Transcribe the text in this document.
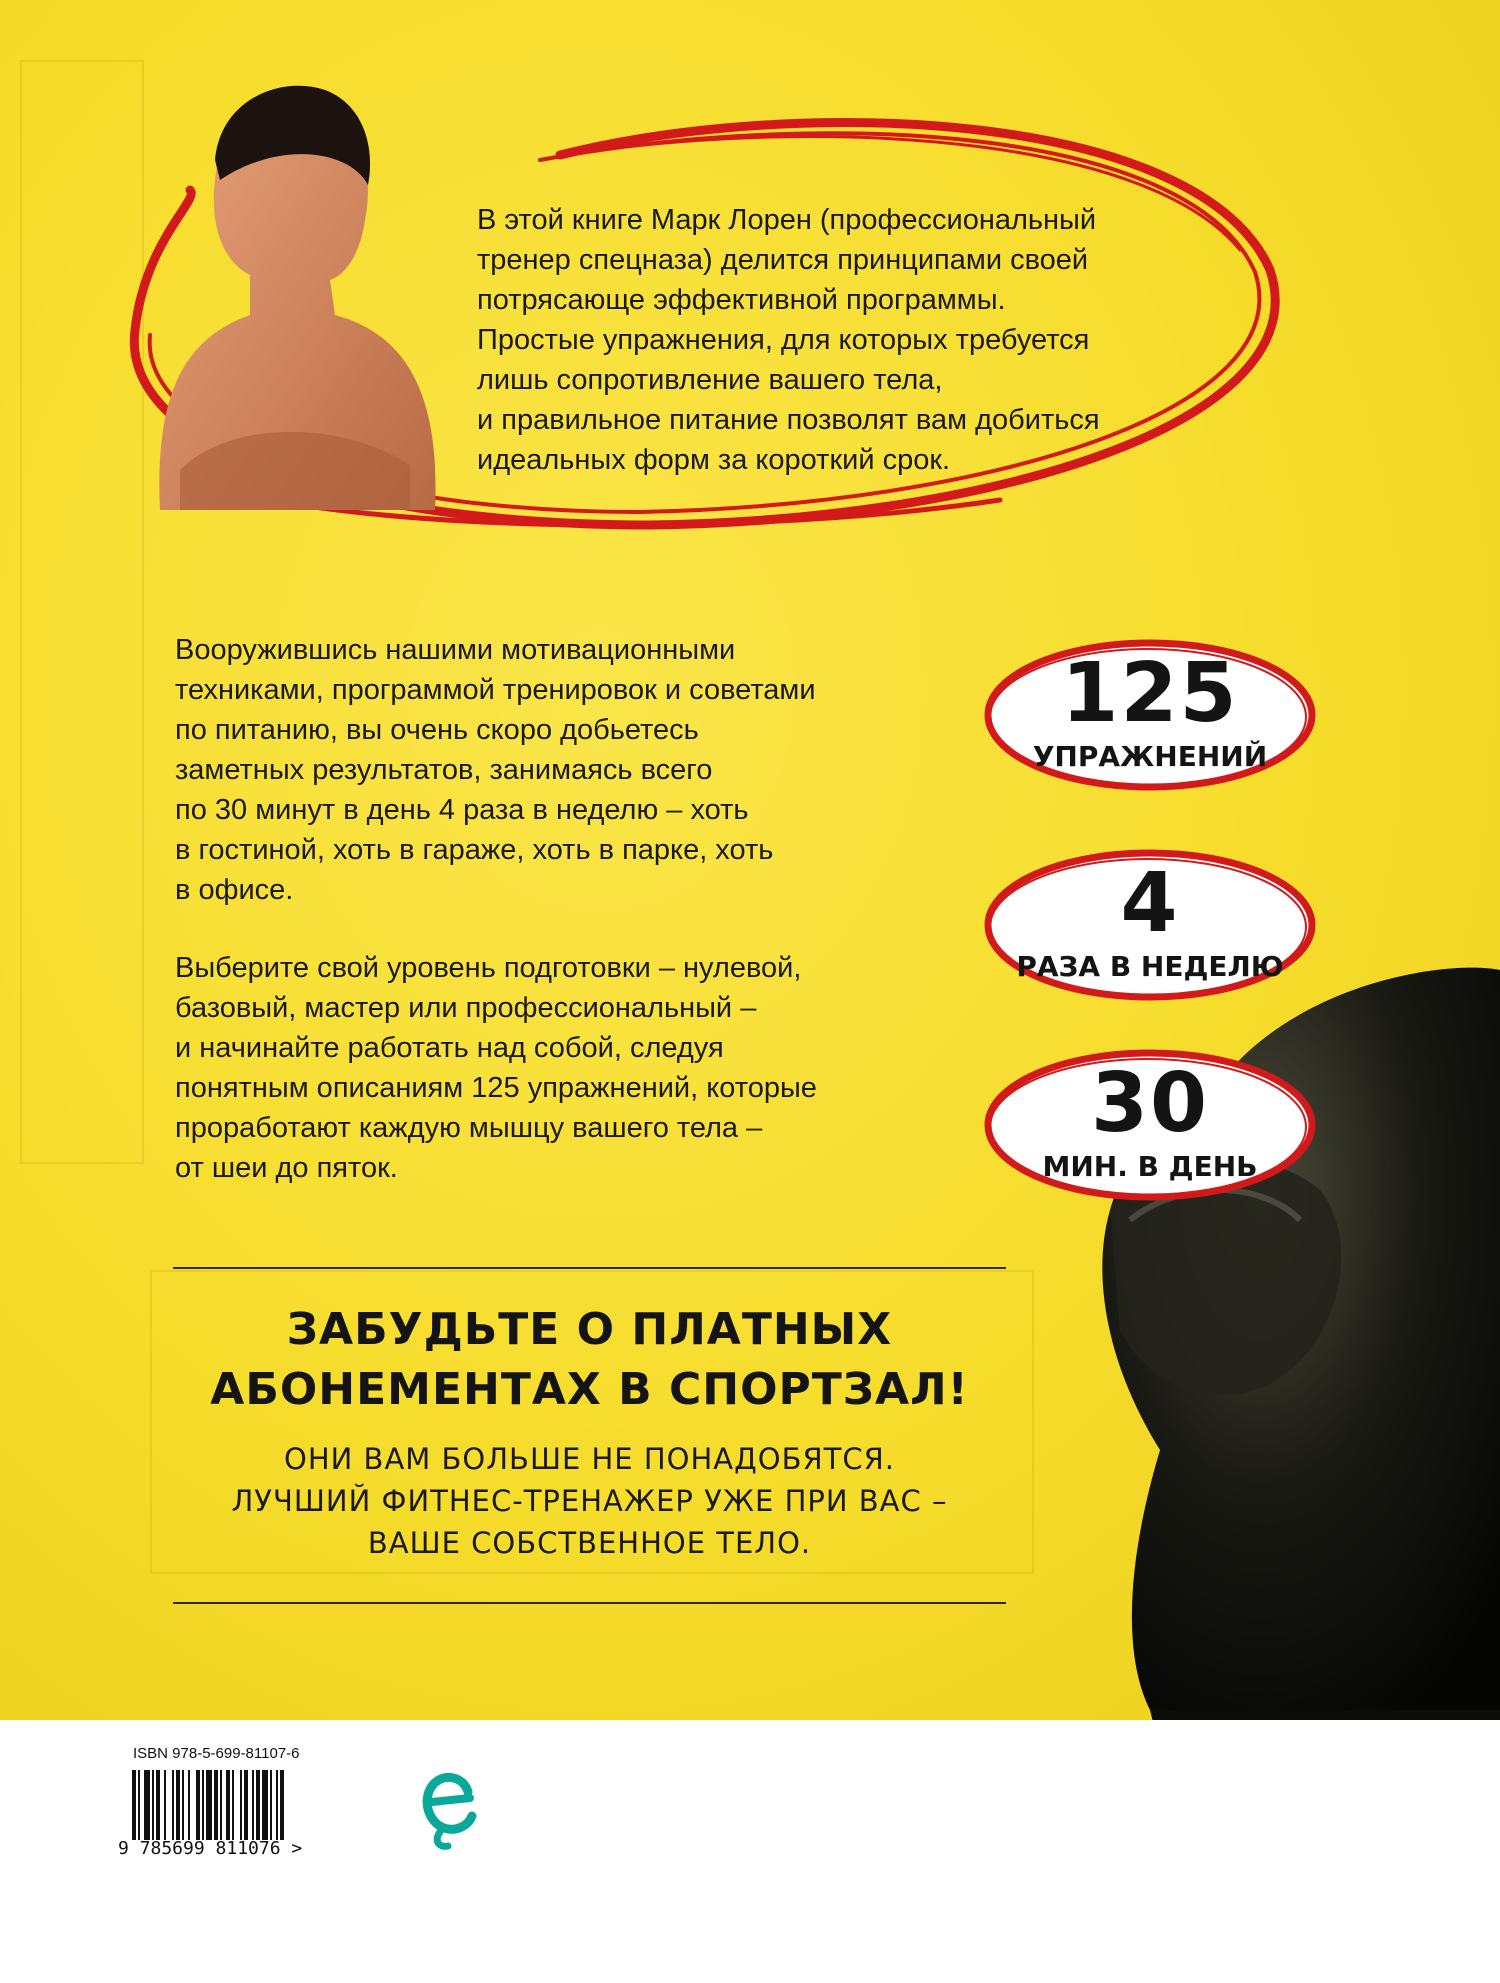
В этой книге Марк Лорен (профессиональный
тренер спецназа) делится принципами своей
потрясающе эффективной программы.
Простые упражнения, для которых требуется
лишь сопротивление вашего тела,
и правильное питание позволят вам добиться
идеальных форм за короткий срок.

Вооружившись нашими мотивационными
техниками, программой тренировок и советами
по питанию, вы очень скоро добьетесь
заметных результатов, занимаясь всего
по 30 минут в день 4 раза в неделю – хоть
в гостиной, хоть в гараже, хоть в парке, хоть
в офисе.

Выберите свой уровень подготовки – нулевой,
базовый, мастер или профессиональный –
и начинайте работать над собой, следуя
понятным описаниям 125 упражнений, которые
проработают каждую мышцу вашего тела –
от шеи до пяток.

125
УПРАЖНЕНИЙ
4
РАЗА В НЕДЕЛЮ
30
МИН. В ДЕНЬ
ЗАБУДЬТЕ О ПЛАТНЫХ
АБОНЕМЕНТАХ В СПОРТЗАЛ!

ОНИ ВАМ БОЛЬШЕ НЕ ПОНАДОБЯТСЯ.
ЛУЧШИЙ ФИТНЕС-ТРЕНАЖЕР УЖЕ ПРИ ВАС –
ВАШЕ СОБСТВЕННОЕ ТЕЛО.

ISBN 978-5-699-81107-6
9 785699 811076 >
